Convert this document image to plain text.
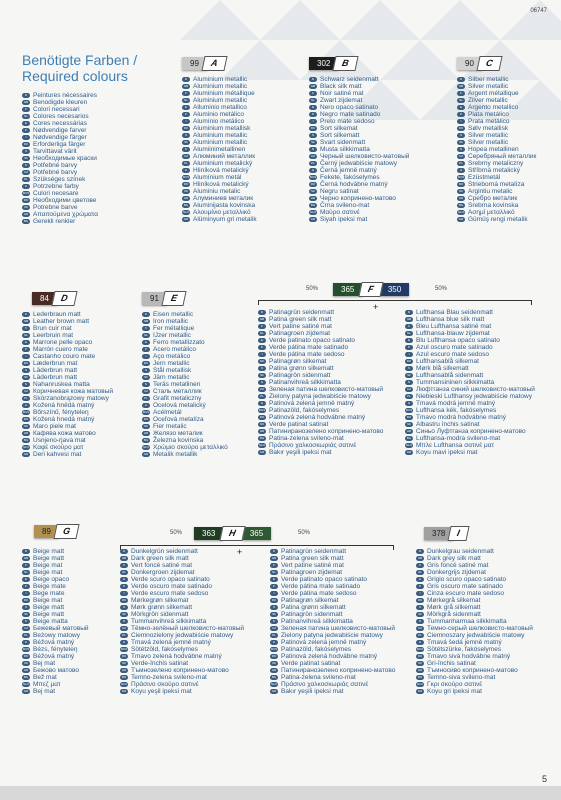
06747
Benötigte Farben /
Required colours
D Peintures nécessaires
GB Benodigde kleuren
F Colori necessari
NL Colores necesarios
E Cores necessárias
P Nødvendige farver
I	Nødvendige färger
DK Erforderliga färger
S Tarvittavat värit
SF Необходимые краски
N Potřebné barvy
CZ Potřebné barvy
PL Szükséges színek
H Potrzebne farby
RUS Culori necesare
RO Необходими цветове
SK Potrebne barve
HR Απαιτούμενα χρώματα
BG Gerekli renkler
99	A
D Aluminium metallic
GB Aluminium metallic
F Aluminium métallique
NL Aluminium metallic
E Alluminio metallico
P Aluminio metálico
I	Alumínio metálico
DK Aluminium metallisk
S Aluminium metallic
SF Aluminium metallic
N Alumiinimetallinen
CZ Алюминий металлик
PL Aluminium metalický
H Hliníková metalický
RUS Alumínium metál
RO Hliníková metalický
SK Aluminiu metalic
HR Алуминиев металик
BG Aluminijasta kovinska
SLO Αλουμίνιο μεταλλικό
GR Alüminyum gri metalik
302	B
D Schwarz seidenmatt
GB Black silk matt
F Noir satiné mat
NL Zwart zijdemat
E Nero opaco satinato
P Negro mate satinado
I	Preto mate sedoso
DK Sort silkemat
S Sort silkematt
SF Svart sidenmatt
N Musta silkkimatta
CZ Черный шелковисто-матовый
PL Černý jedwabiście matowy
H Černá jemně matný
RUS Fekete, fakóselymes
RO Černá hodvábne matný
SK Negru satinat
HR Черно копринено-матово
BG Črna svileno-mat
SLO Μαύρο σατινέ
GR Siyah ipeksi mat
90	C
D Silber metallic
GB Silver metallic
F Argent métallique
NL Zilver metallic
E Argento metallico
P Plata metálico
I	Prata metálico
DK Sølv metallisk
S Silver metallic
SF Silver metallic
N Hopea metallinen
CZ Серебряный металлик
PL Srebrny metaliczny
H Stříbrná metalický
RUS Ezüstmetál
RO Strieborná metalíza
SK Argintiu metalic
HR Сребро металик
BG Srebrna kovinska
SLO Ασημί μεταλλικό
GR Gümüş rengi metalik
84	D
D Lederbraun matt
GB Leather brown matt
F Brun cuir mat
NL Leerbruin mat
E Marrone pelle opaco
P Marrón cuero mate
I	Castanho couro mate
DK Læderbrun mat
S Läderbrun matt
SF Läderbrun matt
N Nahanruskea matta
CZ Коричневая кожа матовый
PL Skórzanobrązowy matowy
H Kožená hnědá matný
RUS Bőrszínű, fényteleη
RO Kožená hnedá matný
SK Maro piele mat
HR Кафява кожа матово
BG Usnjeno-rjava mat
SLO Καφέ σκούρο ματ
GR Deri kahvesi mat
91	E
D Eisen metallic
GB Iron metallic
F Fer métallique
NL IJzer metallic
E Ferro metallizzato
P Acero metálico
I	Aço metálico
DK Jern metallic
S Stål metallisk
SF Järn metallic
N Teräs metallinen
CZ Сталь металлик
PL Grafit metaliczny
H Ocelová metalický
RUS Acélmetál
RO Oceľová metalíza
SK Fier metalic
HR Желязо металик
BG Železna kovinska
SLO Χρώμιο σκούρο μεταλλικό
GR Metalik metallik
50%	50%
365	F	350
+
D Patinagrün seidenmatt
GB Patina green silk matt
F Vert patine satiné mat
NL Patinagroen zijdemat
E Verde patinato opaco satinato
P Verde pátina mate satinado
I	Verde pátina mate sedoso
DK Patinagrøn silkemat
S Patina grønn silkematt
SF Patinagrön sidenmatt
N Patinanvihreä silkkimatta
CZ Зеленая патина шелковисто-матовый
PL Zielony patyna jedwabiście matowy
H Patinová zelená jemně matný
RUS Patinazöld, fakóselymes
RO Patinová zelená hodvábne matný
SK Verde patinat satinat
HR Патиниранозелено копринено-матово
BG Patina-zelena svileno-mat
SLO Πράσινο χαλκοσκωριάς σατινέ
GR Bakır yeşili ipeksi mat
D Lufthansa Blau seidenmatt
GB Lufthansa blue silk matt
F Bleu Lufthansa satiné mat
NL Lufthansa-blauw zijdemat
E Blu Lufthansa opaco satinato
P Azul oscuro mate satinado
I	Azul escuro mate sedoso
DK Lufthansablå silkemat
S Mørk blå silkematt
SF Lufthansablå sidenmatt
N Tummansininen silkkimatta
CZ Люфтганза синий шелковисто-матовый
PL Niebieski Lufthansy jedwabiście matowy
H Tmavá modrá jemně matný
RUS Lufthansa kék, fakóselymes
RO Tmavo modrá hodvábne matný
SK Albastru închis satinat
HR Синьо Луфтганза копринено-матово
BG Lufthansa-modra svileno-mat
SLO Μπλε Lufthansa σατινέ ματ
GR Koyu mavi ipeksi mat
89	G
D Beige matt
GB Beige matt
F Beige mat
NL Beige mat
E Beige opaco
P Beige mate
I	Bege mate
DK Beige mat
S Beige matt
SF Beige matt
N Beige matta
CZ Бежевый матовый
PL Beżowy matowy
H Béžová matný
RUS Bézs, fényteleη
RO Béžová matný
SK Bej mat
HR Бежово матово
BG Bež mat
SLO Μπεζ ματ
GR Bej mat
50%	50%
363	H	365
+
D Dunkelgrün seidenmatt
GB Dark green silk matt
F Vert foncé satiné mat
NL Donkergroen zijdemat
E Verde scuro opaco satinato
P Verde oscuro mate satinado
I	Verde escuro mate sedoso
DK Mørkegrøn silkemat
S Mørk grønn silkematt
SF Mörkgrön sidenmatt
N Tummanvihreä silkkimatta
CZ Тёмно-зелёный шелковисто-матовый
PL Ciemnozielony jedwabiście matowy
H Tmavá zelená jemně matný
RUS Sötétzöld, fakóselymes
RO Tmavo zelená hodvábne matný
SK Verde-închis satinat
HR Тъмнозелено копринено-матово
BG Temno-zelena svileno-mat
SLO Πράσινο σκούρο σατινέ
GR Koyu yeşil ipeksi mat
D Patinagrün seidenmatt
GB Patina green silk matt
F Vert patine satiné mat
NL Patinagroen zijdemat
E Verde patinato opaco satinato
P Verde pátina mate satinado
I	Verde pátina mate sedoso
DK Patinagrøn silkemat
S Patina grønn silkematt
SF Patinagrön sidenmatt
N Patinanvihreä silkkimatta
CZ Зеленая патина шелковисто-матовый
PL Zielony patyna jedwabiście matowy
H Patinová zelená jemně matný
RUS Patinazöld, fakóselymes
RO Patinová zelená hodvábne matný
SK Verde patinat satinat
HR Патиниранозелено копринено-матово
BG Patina-zelena svileno-mat
SLO Πράσινο χαλκοσκωριάς σατινέ
GR Bakır yeşili ipeksi mat
378	I
D Dunkelgrau seidenmatt
GB Dark grey silk matt
F Gris foncé satiné mat
NL Donkergrijs zijdemat
E Grigio scuro opaco satinato
P Gris oscuro mate satinado
I	Cinza escuro mate sedoso
DK Mørkegrå silkemat
S Mørk grå silkematt
SF Mörkgrå sidenmatt
N Tummanharmaa silkkimatta
CZ Темно-серый шелковисто-матовый
PL Ciemnoszary jedwabiście matowy
H Tmavá šedá jemně matný
RUS Sötétszürke, fakóselymes
RO Tmavo sivá hodvábne matný
SK Gri-închis satinat
HR Тъмносиво копринено-матово
BG Temno-siva svileno-mat
SLO Γκρι σκούρο σατινέ
GR Koyu gri ipeksi mat
5
